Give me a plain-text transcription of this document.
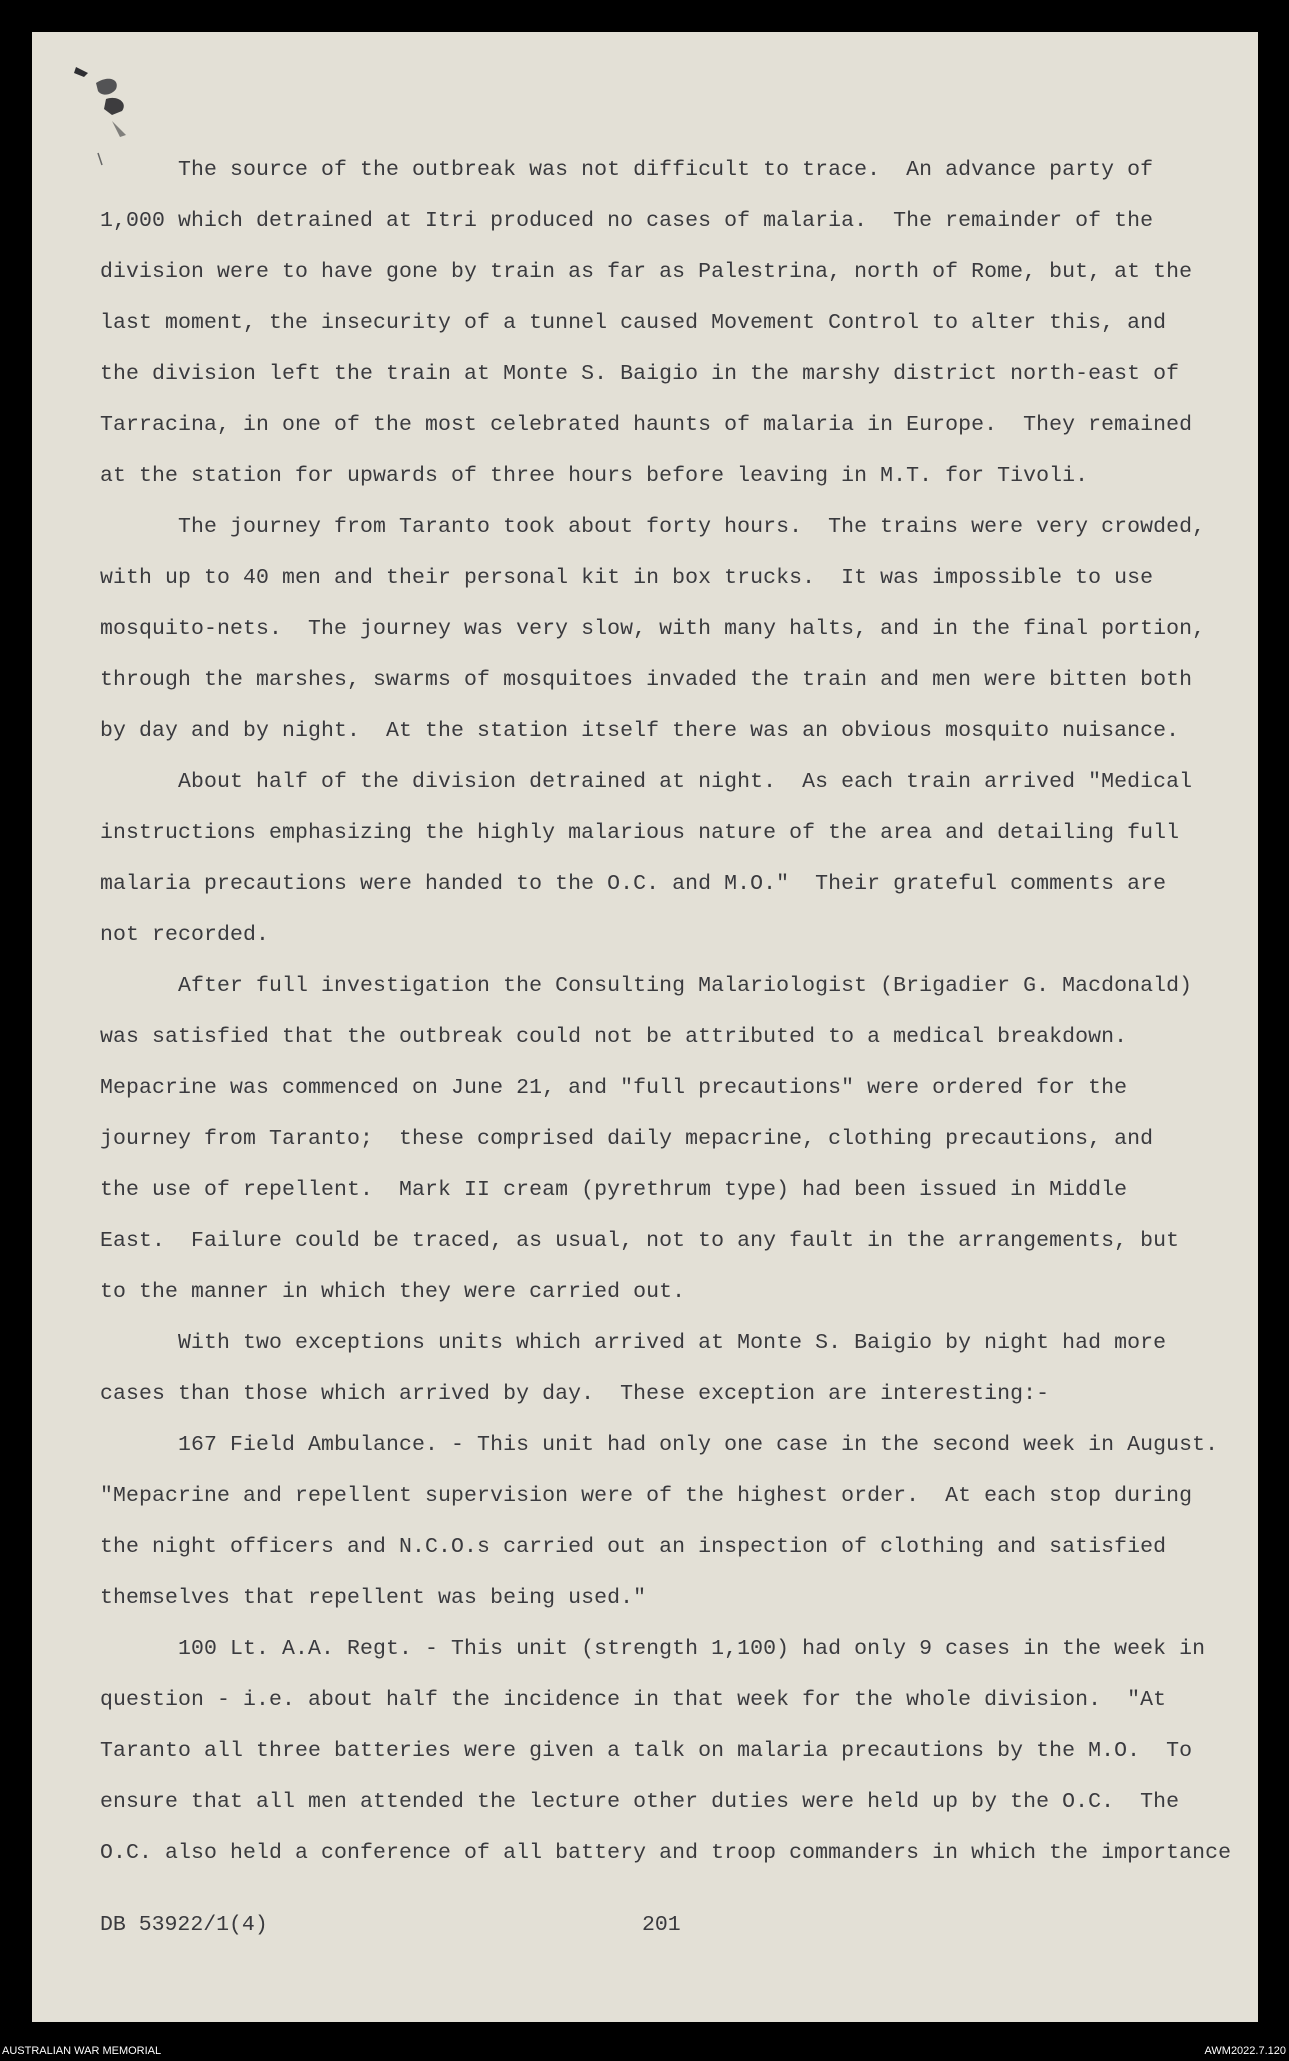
The source of the outbreak was not difficult to trace.  An advance party of
1,000 which detrained at Itri produced no cases of malaria.  The remainder of the
division were to have gone by train as far as Palestrina, north of Rome, but, at the
last moment, the insecurity of a tunnel caused Movement Control to alter this, and
the division left the train at Monte S. Baigio in the marshy district north-east of
Tarracina, in one of the most celebrated haunts of malaria in Europe.  They remained
at the station for upwards of three hours before leaving in M.T. for Tivoli.
The journey from Taranto took about forty hours.  The trains were very crowded,
with up to 40 men and their personal kit in box trucks.  It was impossible to use
mosquito-nets.  The journey was very slow, with many halts, and in the final portion,
through the marshes, swarms of mosquitoes invaded the train and men were bitten both
by day and by night.  At the station itself there was an obvious mosquito nuisance.
About half of the division detrained at night.  As each train arrived "Medical
instructions emphasizing the highly malarious nature of the area and detailing full
malaria precautions were handed to the O.C. and M.O."  Their grateful comments are
not recorded.
After full investigation the Consulting Malariologist (Brigadier G. Macdonald)
was satisfied that the outbreak could not be attributed to a medical breakdown.
Mepacrine was commenced on June 21, and "full precautions" were ordered for the
journey from Taranto;  these comprised daily mepacrine, clothing precautions, and
the use of repellent.  Mark II cream (pyrethrum type) had been issued in Middle
East.  Failure could be traced, as usual, not to any fault in the arrangements, but
to the manner in which they were carried out.
With two exceptions units which arrived at Monte S. Baigio by night had more
cases than those which arrived by day.  These exception are interesting:-
167 Field Ambulance. - This unit had only one case in the second week in August.
"Mepacrine and repellent supervision were of the highest order.  At each stop during
the night officers and N.C.O.s carried out an inspection of clothing and satisfied
themselves that repellent was being used."
100 Lt. A.A. Regt. - This unit (strength 1,100) had only 9 cases in the week in
question - i.e. about half the incidence in that week for the whole division.  "At
Taranto all three batteries were given a talk on malaria precautions by the M.O.  To
ensure that all men attended the lecture other duties were held up by the O.C.  The
O.C. also held a conference of all battery and troop commanders in which the importance
DB 53922/1(4)	201
AUSTRALIAN WAR MEMORIAL	AWM2022.7.120
